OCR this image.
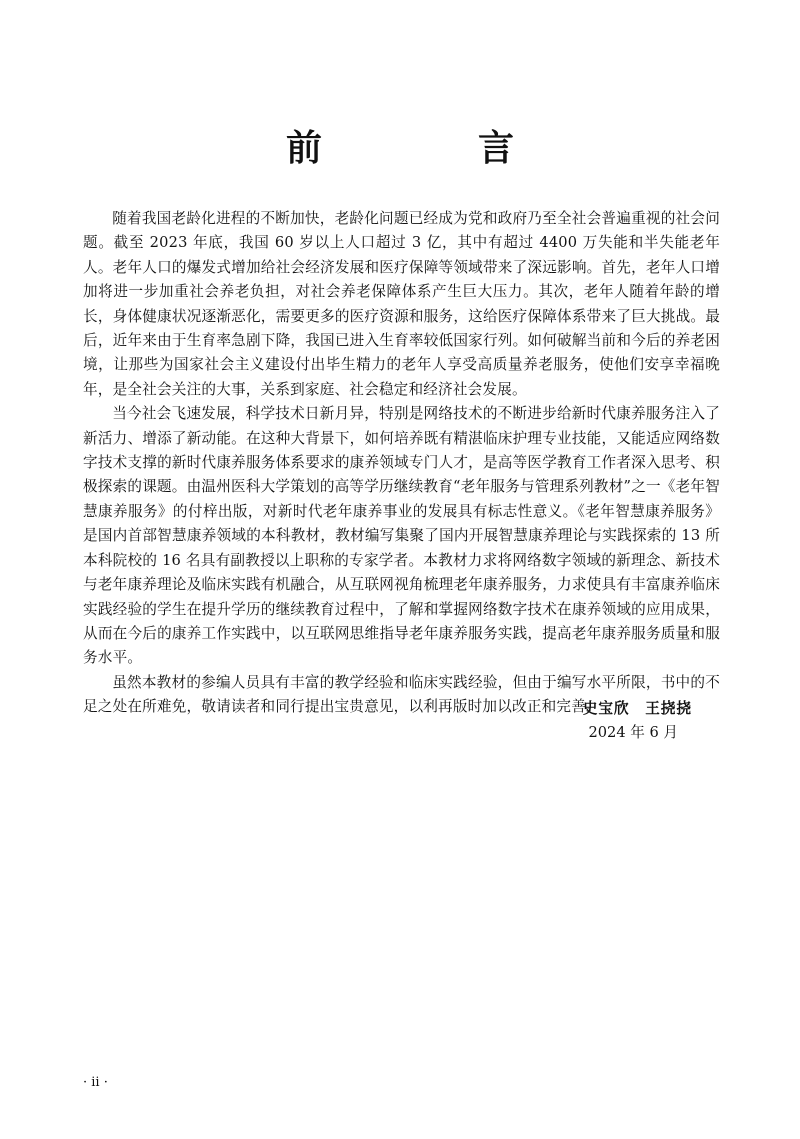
前　言

随着我国老龄化进程的不断加快，老龄化问题已经成为党和政府乃至全社会普遍重视的社会问题。截至 2023 年底，我国 60 岁以上人口超过 3 亿，其中有超过 4400 万失能和半失能老年人。老年人口的爆发式增加给社会经济发展和医疗保障等领域带来了深远影响。首先，老年人口增加将进一步加重社会养老负担，对社会养老保障体系产生巨大压力。其次，老年人随着年龄的增长，身体健康状况逐渐恶化，需要更多的医疗资源和服务，这给医疗保障体系带来了巨大挑战。最后，近年来由于生育率急剧下降，我国已进入生育率较低国家行列。如何破解当前和今后的养老困境，让那些为国家社会主义建设付出毕生精力的老年人享受高质量养老服务，使他们安享幸福晚年，是全社会关注的大事，关系到家庭、社会稳定和经济社会发展。

当今社会飞速发展，科学技术日新月异，特别是网络技术的不断进步给新时代康养服务注入了新活力、增添了新动能。在这种大背景下，如何培养既有精湛临床护理专业技能，又能适应网络数字技术支撑的新时代康养服务体系要求的康养领域专门人才，是高等医学教育工作者深入思考、积极探索的课题。由温州医科大学策划的高等学历继续教育“老年服务与管理系列教材”之一《老年智慧康养服务》的付梓出版，对新时代老年康养事业的发展具有标志性意义。《老年智慧康养服务》是国内首部智慧康养领域的本科教材，教材编写集聚了国内开展智慧康养理论与实践探索的 13 所本科院校的 16 名具有副教授以上职称的专家学者。本教材力求将网络数字领域的新理念、新技术与老年康养理论及临床实践有机融合，从互联网视角梳理老年康养服务，力求使具有丰富康养临床实践经验的学生在提升学历的继续教育过程中，了解和掌握网络数字技术在康养领域的应用成果，从而在今后的康养工作实践中，以互联网思维指导老年康养服务实践，提高老年康养服务质量和服务水平。

虽然本教材的参编人员具有丰富的教学经验和临床实践经验，但由于编写水平所限，书中的不足之处在所难免，敬请读者和同行提出宝贵意见，以利再版时加以改正和完善。

史宝欣　王挠挠
2024 年 6 月
· ii ·
